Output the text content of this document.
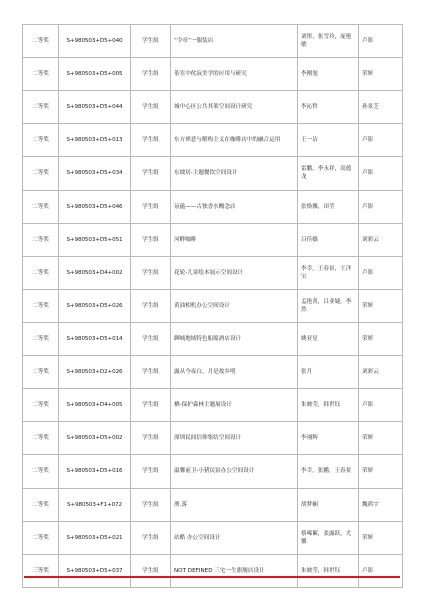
二等奖	S+980503+D5+040	学生组	“令章”一服装店	刘彤，张雪玲，庞艳敏	卢影
二等奖	S+980503+D5+005	学生组	茶室中侘寂美学的应用与研究	李刚旭	荣妍
二等奖	S+980503+D5+044	学生组	城中心区公共其架空间设计研究	李沁哲	孙景芝
二等奖	S+980503+D5+013	学生组	东方禅意与解构主义在咖啡店中的融合运用	王一洁	卢影
二等奖	S+980503+D5+034	学生组	东坡居-主题餐饮空间设计	雷鹏，李永祥，高德龙	卢影
二等奖	S+980503+D5+046	学生组	氛蕴——古独香水概念店	张焕馨，田莹	卢影
二等奖	S+980503+D5+051	学生组	河畔咖啡	吕佳嫱	刘彩云
二等奖	S+980503+D4+002	学生组	花轮-儿童绘本展示空间设计	李幸，王春景，王洋宝	卢影
二等奖	S+980503+D5+026	学生组	黄油相机办公空间设计	孟艳菁，吕亚婕，李然	荣妍
二等奖	S+980503+D5+014	学生组	聊城地域特色船船酒店设计	姚亚星	荣妍
二等奖	S+980503+D2+026	学生组	露从今夜白，月是故乡明	张月	刘彩云
二等奖	S+980503+D4+005	学生组	栖-保护森林主题展设计	朱映莹，韩世钰	卢影
二等奖	S+980503+D5+002	学生组	深圳民间信仰集结空间设计	李翊辉	荣妍
二等奖	S+980503+D5+016	学生组	温馨前卫-小猪民宿办公空间设计	李幸，张鹏，王春景	荣妍
二等奖	S+980503+F1+072	学生组	渔.落	胡梦娴	魏鸿宇
二等奖	S+980503+D5+021	学生组	站酷 办公空间设计	蔡唏絮，张露跃，尤馨	荣妍
三等奖	S+980503+D5+037	学生组	NOT DEFINED 三宅一生旗舰店设计	朱映莹，韩世钰	卢影
